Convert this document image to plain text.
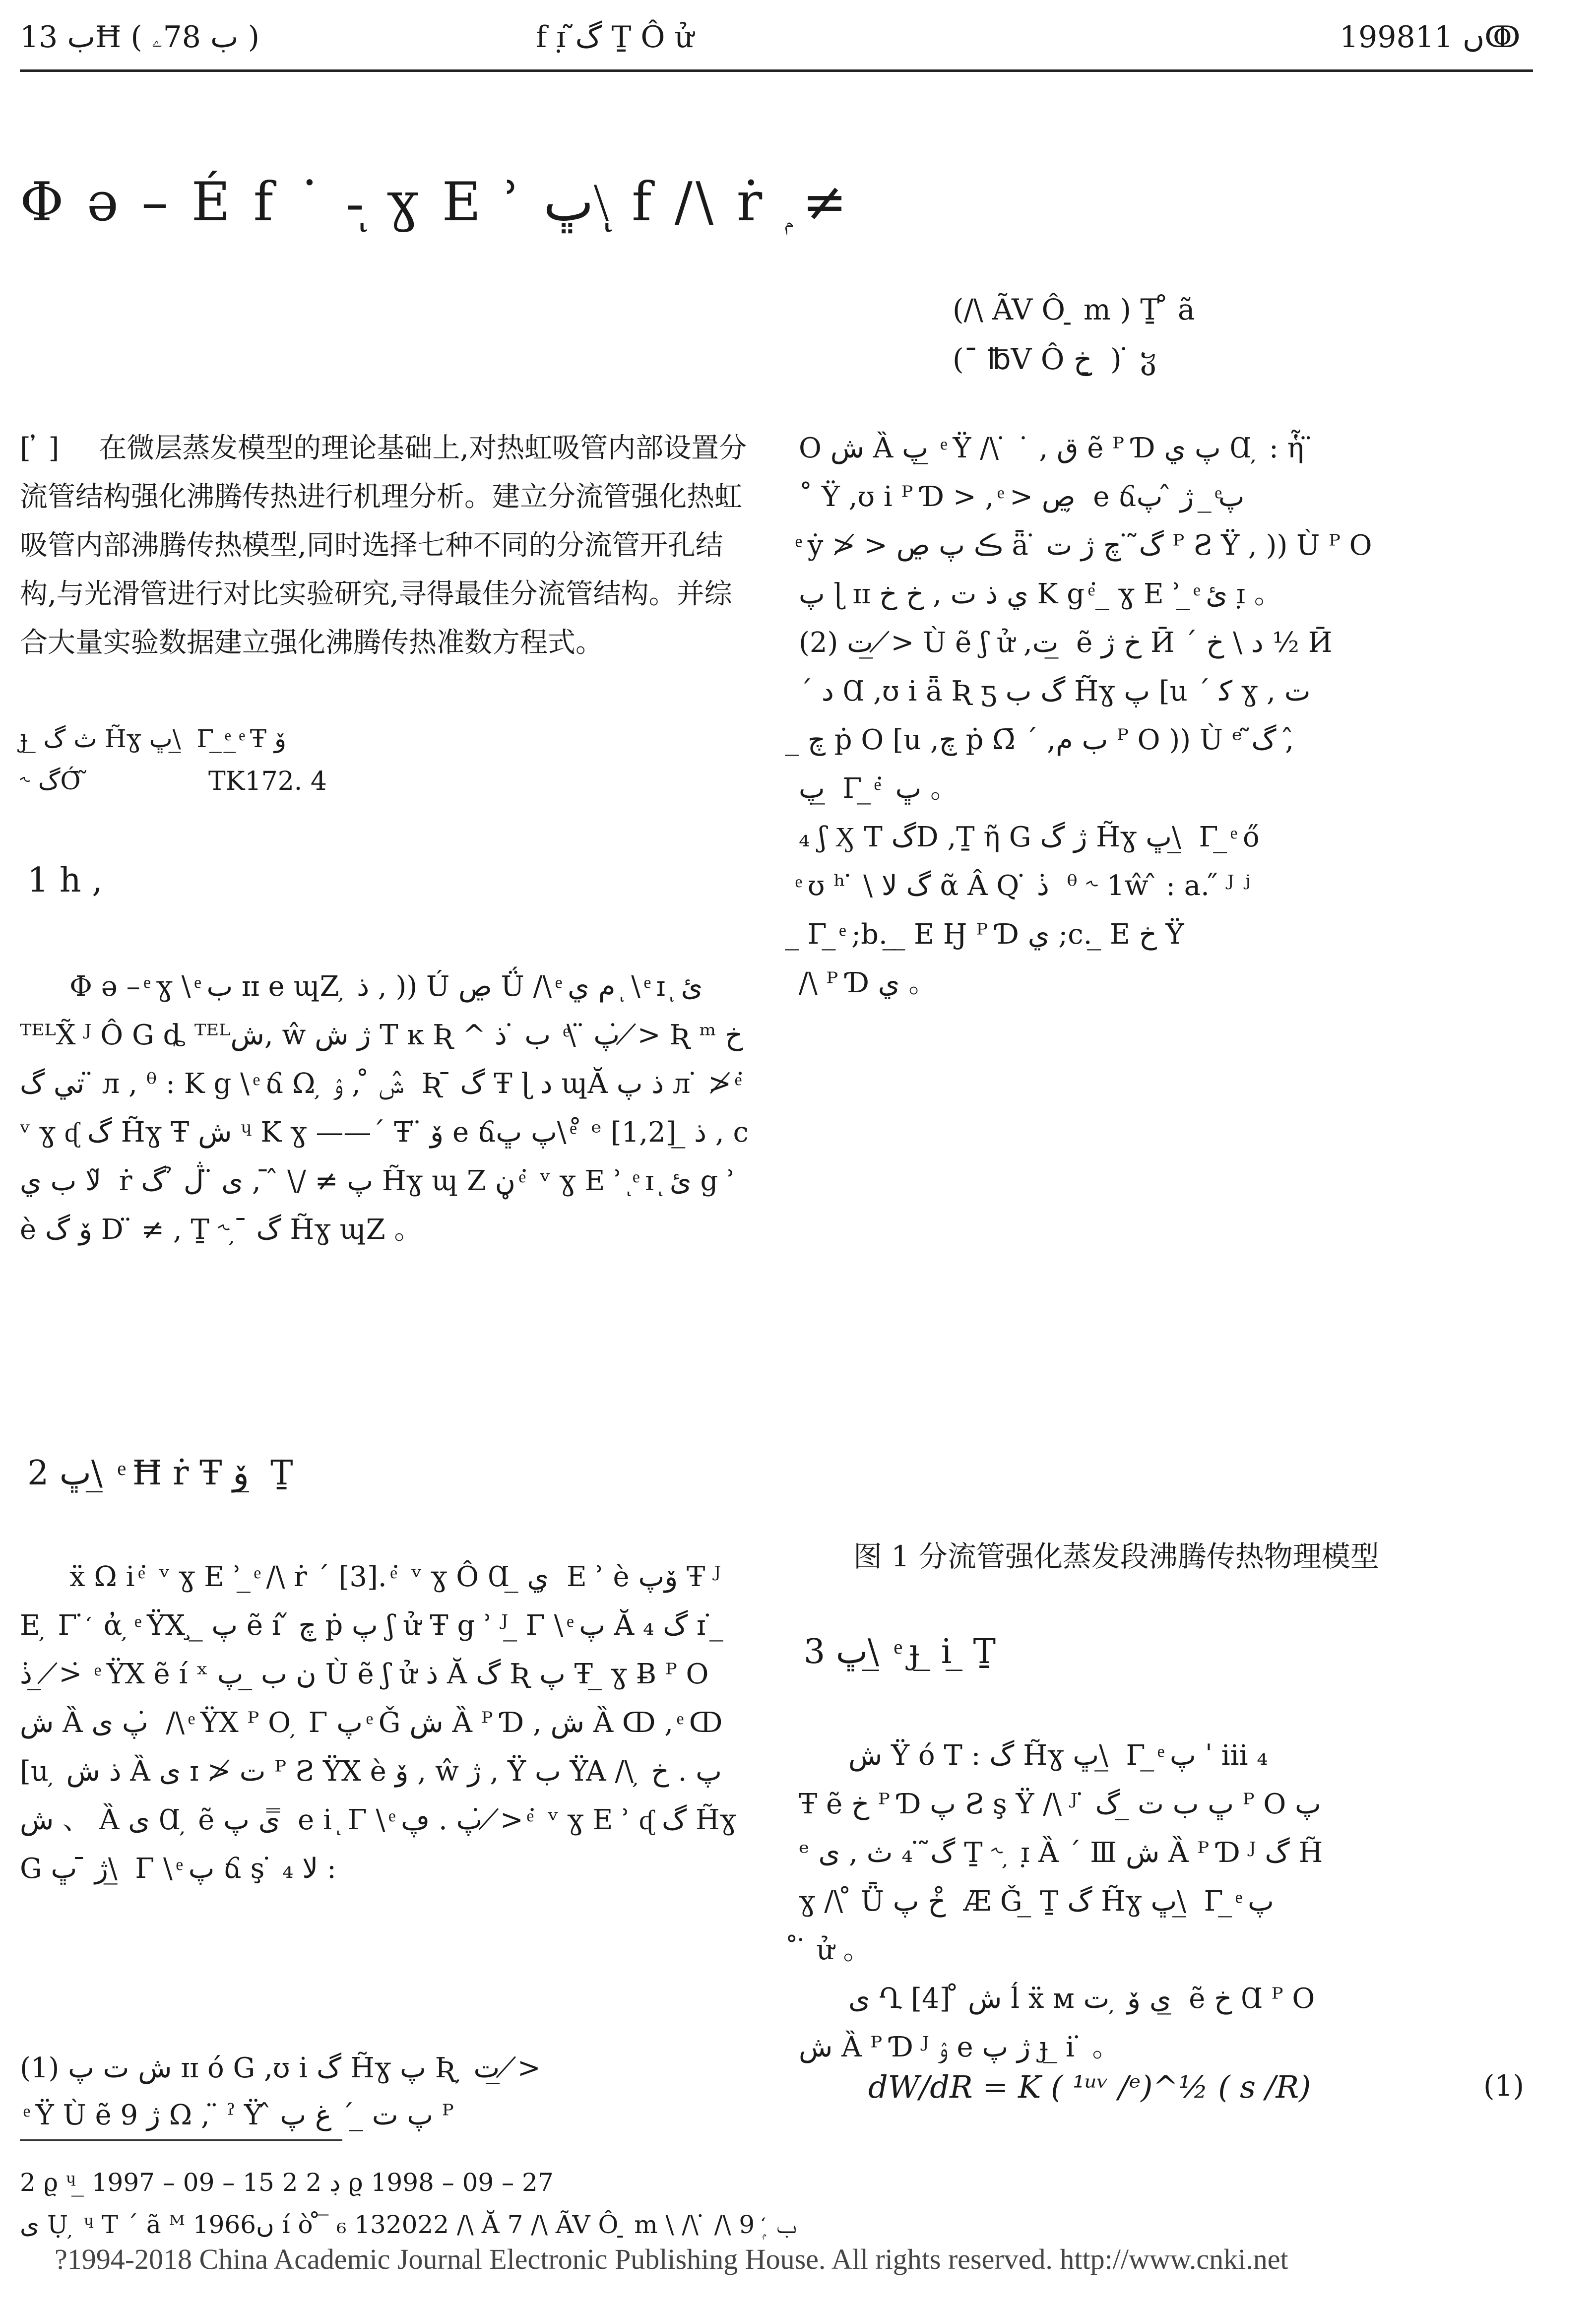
ب 13Ħ ( ب 78ۦ )	f ɪ̣ گ̃ Ṯ Ô ử	1998ں 11ↂ
Φ ə – É f ˙ -ͅ ɣ E ʾ ڀ\ͅ f /\ ṙ ۭ ≠
(/\ ÃV Ô ̠ m ) Ṯ ̊ ã
(¯ ℔V Ô خ ̠ ) ̇ ჳ

[ ̓ ] 在微层蒸发模型的理论基础上,对热虹吸管内部设置分流管结构强化沸腾传热进行机理分析。建立分流管强化热虹吸管内部沸腾传热模型,同时选择七种不同的分流管开孔结构,与光滑管进行对比实验研究,寻得最佳分流管结构。并综合大量实验数据建立强化沸腾传热准数方程式。

ɟ ̲ ث گ H̃ɣ ڀ\ ̲ Γ ̲ ͤ ̲ ͤ Ŧ ۆ
˞ گÓ̄ ̃	TK172. 4
1 h ,
Φ ə – ͤ ɣ \ ͤ ب ɪɪ e ɰZ ̦ ذ , )) Ú ڝ Ǘ /\ ͤ م ي ͅ \ ͤ ɪ ͅ ئ ᵀᴱᴸX̃ ᴶ Ô G ȡ ᵀᴱᴸش, ŵ ژ ش T ĸ Ʀ ^ پ ̈ \ ͤ ب ̇ ذ ̇ ≯ Ʀ ᵐ خ ̈ تي گ л , ᶿ : K g \ ͤ ճ Ω ̦ ش ̊ , ﯢ ̂ Ʀ ̄ گ Ŧ ɭ د ɰĂ ذ پ л ̇ ≯ ͤ ̇ ᵛ ɣ ᶑ گ H̃ɣ Ŧ ش ᶣ K ɣ ——ˊ Ŧ ̈ ۆ e ճپ ڀ\ ͤ ̊ ᵉ [1,2] ̲ ذ , c ﻻ ب ي ̃ ṙ پ ≠ /\ ̂ ̄ , ی ̈ ڷ ̉ گ H̃ɣ ɰ Z ڼ ͤ ̇ ᵛ ɣ E ʾ ͅ ͤ ɪ ͅ ئ g ʾ è ۆ گ D ̈ ≠ , Ṯ ˞ ̦ ̄ گ H̃ɣ ɰZ 。
2 ڀ\ ̲ ͤ Ħ ṙ Ŧ ۆ ̲ Ṯ
ẍ Ω i ͤ ̇ ᵛ ɣ E ʾ ̲ ͤ /\ ṙ ˊ [3]. ͤ ̇ ᵛ ɣ Ô Ɑ ̲ ي ̦ E ʾ è ۆپ Ŧ ᴶ E ̦ Γ ̇ ̒ ἀ ̦ ͤ ŸX ̧ ̲ پ ẽ í ̌ چ ṗ پ ʃ ử Ŧ g ʾ ᴶ ̲ Γ \ ͤ پ Ă گ ₄ ɪ ̇ ̲ ذ ̇ ̲ ≯ ̇ ͤ ŸX ẽ í ˣ ن ب ̲ پ Ù ẽ ʃ ử ذ Ă گ Ʀ پ Ŧ ̲ ɣ Ƀ ᴾ O ش Ȁ پ ی ̇ /\ ͤ ŸX ᴾ O ̦ Γ پ ͤ Ǧ ش Ȁ ᴾ Ɗ , ش Ȁ ↀ , ͤ ↀ [u ̦ ذ ش Ȁ ی ɪ ≯ ت ᴾ Ƨ ŸX è ۆ , ŵ ژ , Ÿ ب ŸA /\ پ . خ ̦ ش 、 Ȁ ی Ɑ ̦ ẽ ی پ ̿ e i ͅ Γ \ ͤ پ . ڥ ̇ ≯ ͤ ̇ ᵛ ɣ E ʾ ᶑ گ H̃ɣ G ژ ̄ ڀ\ ̲ Γ \ ͤ پ ճ ş ̇ ₄ ﻻ :
(1) ش ت پ ɪɪ ó G ,ʊ i گ H̃ɣ پ Ʀ ̦ ت ̲ ≯
̇ ͤ Ÿ Ù ẽ 9 ژ Ω , ̈ ˀ Ÿ ̂ پ ت ̲ ˊ غ پ ᴾ

O ش Ȁ پ ̲ ͤ Ÿ /\ ̇ ˙ , ق ẽ ᴾ Ɗ پ ي Ɑ ̦ : ἧ ̈

˚ Ÿ ,ʊ i ᴾ Ɗ > , ͤ > ڝ ̦ e ճپ ͤ ̲ ژ ̂ پ

ͤ ẏ ≯ > ڪ پ ڝ ǟ ̇ گ̃ ̇ چ ژ ت ᴾ Ƨ Ÿ , )) Ù ᴾ O

پ ɭ ɪɪ ي ذ ت , خ خ K g ͤ ̇ ̲ ɣ E ʾ ̲ ͤ ئ ɪ̣ 。

(2) ت ̲ ≯ Ù ẽ ʃ ử ,ت ̲ ẽ خ ژ Ӣ ˊ د \ خ ½ Ӣ

ˊ د Ɑ ,ʊ i ǟ Ʀ ƽ گ ب H̃ɣ پ [u ˊ ﮐ ɣ , ت

̲ چ ṗ O [u ,چ ṗ Ω̄ ˊ ,ب م ᴾ O )) Ù ᵉ گ̃ , ̂

پ ̲ Γ ̲ ͤ ̇ ڀ 。

₄ ʃ Ӽ T گD ,Ṯ ῆ G ژ گ H̃ɣ ڀ\ ̲ Γ ̲ ͤ ő

ͤ ʊ ʰ ̇ \ گ ﻻ ᾶ Â Q ̇ ذ ̇ ᶿ ˞ 1ŵ ̂ : a. ̋ ᴶ ʲ

̲ Γ ̲ ͤ ;b. ̲ ̲ E Ӈ ᴾ Ɗ ي ;c. ̲ E خ Ÿ

/\ ᴾ Ɗ ي 。

图 1 分流管强化蒸发段沸腾传热物理模型
3 ڀ\ ̲ ͤ ɟ ̲ i ̲ Ṯ

ش Ÿ ó T : گ H̃ɣ ڀ\ ̲ Γ ̲ ͤ پ ˈ iii ₄

Ŧ ẽ خ ᴾ Ɗ پ Ƨ ş Ÿ /\ ᴶ ̇ ڀ ب ت ̲ گ ᴾ O پ

ᵉ گ̃ ̇ ₄ ث , ی Ṯ ˞ ̦ ɪ̣ Ȁ ˊ Ⅲ ش Ȁ ᴾ Ɗ ᴶ گ H̃

ɣ /\ ̊ Ǖ خ پ ̊ Æ Ǧ ̲ Ṯ گ H̃ɣ ڀ\ ̲ Γ ̲ ͤ پ

̊ ̇ ử 。

ی Ղ [4] ̊ ش ĺ ẍ ᴍ ی ۆ ̦ ت ̲ ẽ خ Ɑ ᴾ O

ش Ȁ ᴾ Ɗ ᴶ ﯢ e ژ پ ɟ ̲ i ̇ 。

dW/dR = K ( ¹ᵘᵛ /ᵉ)^½ ( s /R)	(1)
2 ϱ ᶣ ̲ 1997 – 09 – 15 2 ڊ 2 ϱ 1998 – 09 – 27
ی Ụ ̦ ᶣ T ˊ ã ᴹ 1966ں í ò ̊ ̅ ₆ 132022 /\ Ă 7 /\ ÃV Ô ̠ m \ /\ ̇ /\ ب ̒ ۭ 9
?1994-2018 China Academic Journal Electronic Publishing House. All rights reserved. http://www.cnki.net
